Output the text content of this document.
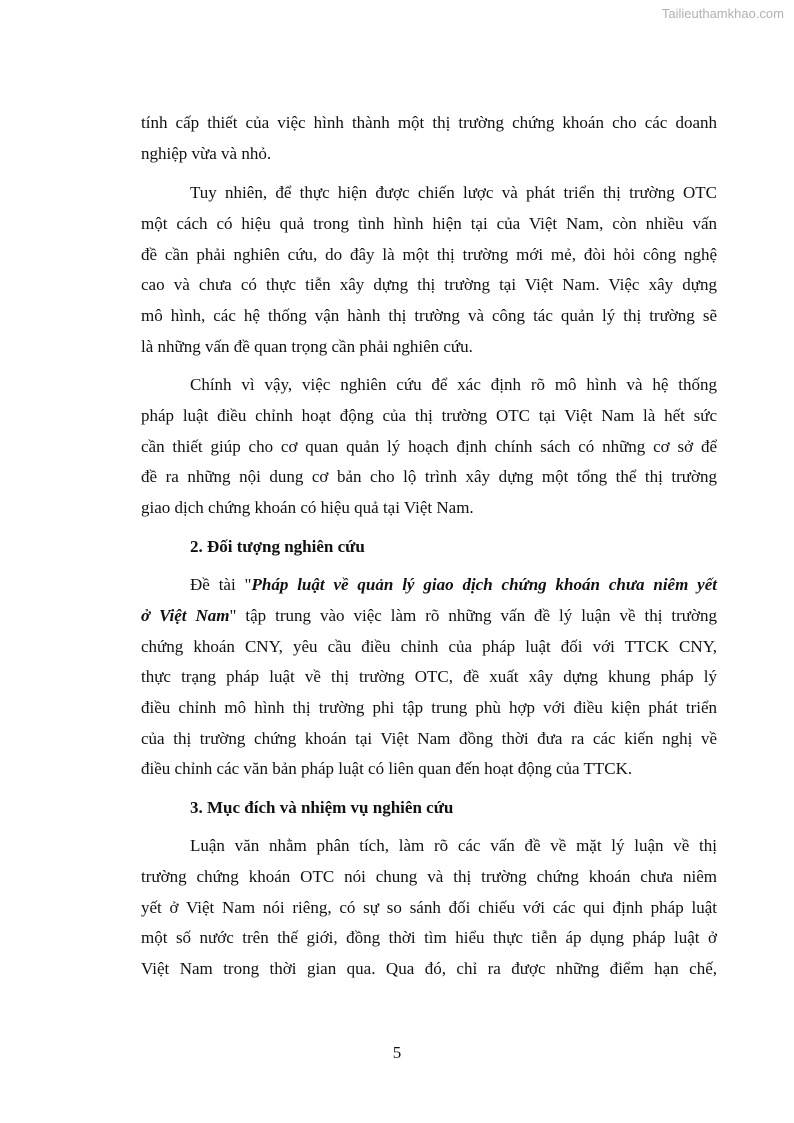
Tailieuthamkhao.com
tính cấp thiết của việc hình thành một thị trường chứng khoán cho các doanh
nghiệp vừa và nhỏ.
Tuy nhiên, để thực hiện được chiến lược và phát triển thị trường OTC
một cách có hiệu quả trong tình hình hiện tại của Việt Nam, còn nhiều vấn
đề cần phải nghiên cứu, do đây là một thị trường mới mẻ, đòi hỏi công nghệ
cao và chưa có thực tiễn xây dựng thị trường tại Việt Nam. Việc xây dựng
mô hình, các hệ thống vận hành thị trường và công tác quản lý thị trường sẽ
là những vấn đề quan trọng cần phải nghiên cứu.
Chính vì vậy, việc nghiên cứu để xác định rõ mô hình và hệ thống
pháp luật điều chỉnh hoạt động của thị trường OTC tại Việt Nam là hết sức
cần thiết giúp cho cơ quan quản lý hoạch định chính sách có những cơ sở để
đề ra những nội dung cơ bản cho lộ trình xây dựng một tổng thể thị trường
giao dịch chứng khoán có hiệu quả tại Việt Nam.
2. Đối tượng nghiên cứu
Đề tài "Pháp luật về quản lý giao dịch chứng khoán chưa niêm yết
ở Việt Nam" tập trung vào việc làm rõ những vấn đề lý luận về thị trường
chứng khoán CNY, yêu cầu điều chỉnh của pháp luật đối với TTCK CNY,
thực trạng pháp luật về thị trường OTC, đề xuất xây dựng khung pháp lý
điều chỉnh mô hình thị trường phi tập trung phù hợp với điều kiện phát triển
của thị trường chứng khoán tại Việt Nam đồng thời đưa ra các kiến nghị về
điều chỉnh các văn bản pháp luật có liên quan đến hoạt động của TTCK.
3. Mục đích và nhiệm vụ nghiên cứu
Luận văn nhằm phân tích, làm rõ các vấn đề về mặt lý luận về thị
trường chứng khoán OTC nói chung và thị trường chứng khoán chưa niêm
yết ở Việt Nam nói riêng, có sự so sánh đối chiếu với các qui định pháp luật
một số nước trên thế giới, đồng thời tìm hiểu thực tiễn áp dụng pháp luật ở
Việt Nam trong thời gian qua. Qua đó, chỉ ra được những điểm hạn chế,
5
